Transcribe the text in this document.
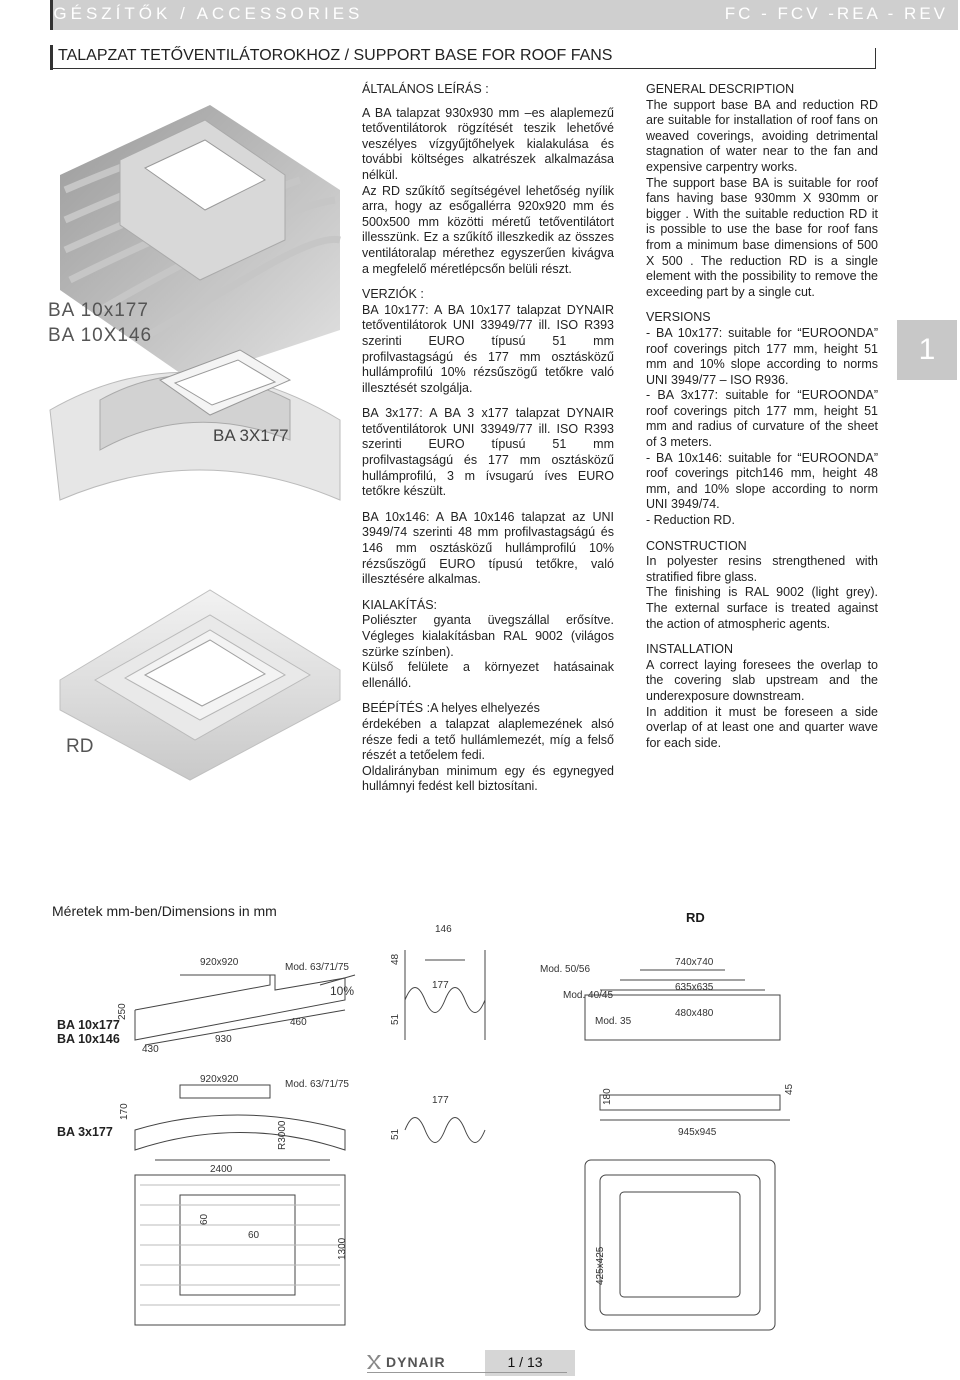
KIEGÉSZÍTŐK / ACCESSORIES	FC - FCV -REA - REV
TALAPZAT TETŐVENTILÁTOROKHOZ / SUPPORT BASE FOR ROOF FANS
BA 10x177
BA 10X146
BA 3X177
RD
Méretek mm-ben/Dimensions in mm

ÁLTALÁNOS LEÍRÁS :

A BA talapzat 930x930 mm –es alaplemezű tetőventilátorok rögzítését teszik lehetővé veszélyes vízgyűjtőhelyek kialakulása és további költséges alkatrészek alkalmazása nélkül.

Az RD szűkítő segítségével lehetőség nyílik arra, hogy az esőgallérra 920x920 mm és 500x500 mm közötti méretű tetőventilátort illesszünk. Ez a szűkítő illeszkedik az összes ventilátoralap mérethez egyszerűen kivágva a megfelelő méretlépcsőn belüli részt.

VERZIÓK :

BA 10x177: A BA 10x177 talapzat DYNAIR tetőventilátorok UNI 33949/77 ill. ISO R393 szerinti EURO típusú 51 mm profilvastagságú és 177 mm osztásközű hullámprofilú 10% rézsűszögű tetőkre való illesztését szolgálja.

BA 3x177: A BA 3 x177 talapzat DYNAIR tetőventilátorok UNI 33949/77 ill. ISO R393 szerinti EURO típusú 51 mm profilvastagságú és 177 mm osztásközű hullámprofilú, 3 m ívsugarú íves EURO tetőkre készült.

BA 10x146: A BA 10x146 talapzat az UNI 3949/74 szerinti 48 mm profilvastagságú és 146 mm osztásközű hullámprofilú 10% rézsűszögű EURO típusú tetőkre, való illesztésére alkalmas.

KIALAKÍTÁS:

Poliészter gyanta üvegszállal erősítve. Végleges kialakításban RAL 9002 (világos szürke színben).

Külső felülete a környezet hatásainak ellenálló.

BEÉPÍTÉS :A helyes elhelyezés

érdekében a talapzat alaplemezének alsó része fedi a tető hullámlemezét, míg a felső részét a tetőelem fedi.

Oldalirányban minimum egy és egynegyed hullámnyi fedést kell biztosítani.

GENERAL DESCRIPTION

The support base BA and reduction RD are suitable for installation of roof fans on weaved coverings, avoiding detrimental stagnation of water near to the fan and expensive carpentry works.

The support base BA is suitable for roof fans having base 930mm X 930mm or bigger . With the suitable reduction RD it is possible to use the base for roof fans from a minimum base dimensions of 500 X 500 . The reduction RD is a single element with the possibility to remove the exceeding part by a single cut.

VERSIONS

- BA 10x177: suitable for “EUROONDA” roof coverings pitch 177 mm, height 51 mm and 10% slope according to norms UNI 3949/77 – ISO R936.

- BA 3x177: suitable for “EUROONDA” roof coverings pitch 177 mm, height 51 mm and radius of curvature of the sheet of 3 meters.

- BA 10x146: suitable for “EUROONDA” roof coverings pitch146 mm, height 48 mm, and 10% slope according to norm UNI 3949/74.

- Reduction RD.

CONSTRUCTION

In polyester resins strengthened with stratified fibre glass.

The finishing is RAL 9002 (light grey). The external surface is treated against the action of atmospheric agents.

INSTALLATION

A correct laying foresees the overlap to the covering slab upstream and the underexposure downstream.

In addition it must be foreseen a side overlap of at least one and quarter wave for each side.

1
920x920	Mod. 63/71/75
10%
250
430
930
460
146
48
177
51
920x920	Mod. 63/71/75
170
R3000
2400
177
51
60
60
1300
Mod. 50/56
Mod. 40/45
Mod. 35
740x740
635x635
480x480
180	45
945x945
425x425
RD
BA 10x177
BA 10x146
BA 3x177
DYNAIR	1 / 13
